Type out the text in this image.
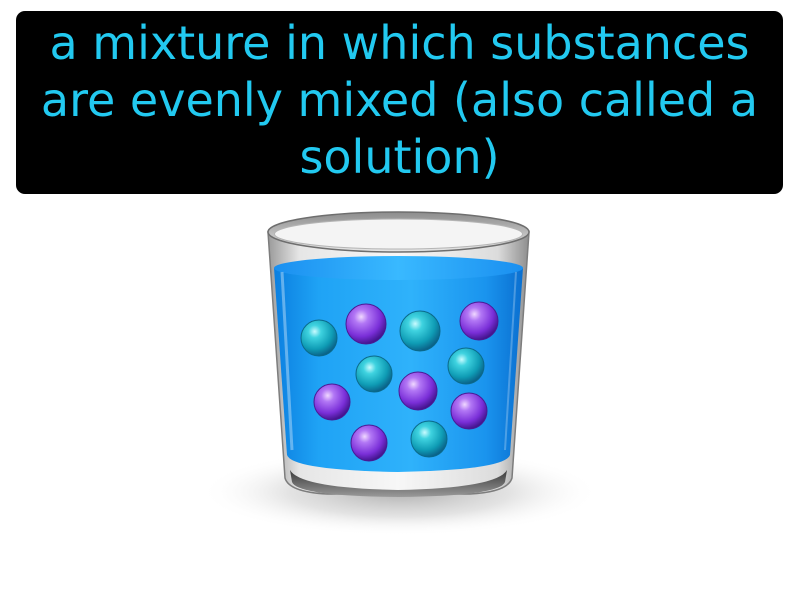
a mixture in which substances are evenly mixed (also called a solution)
